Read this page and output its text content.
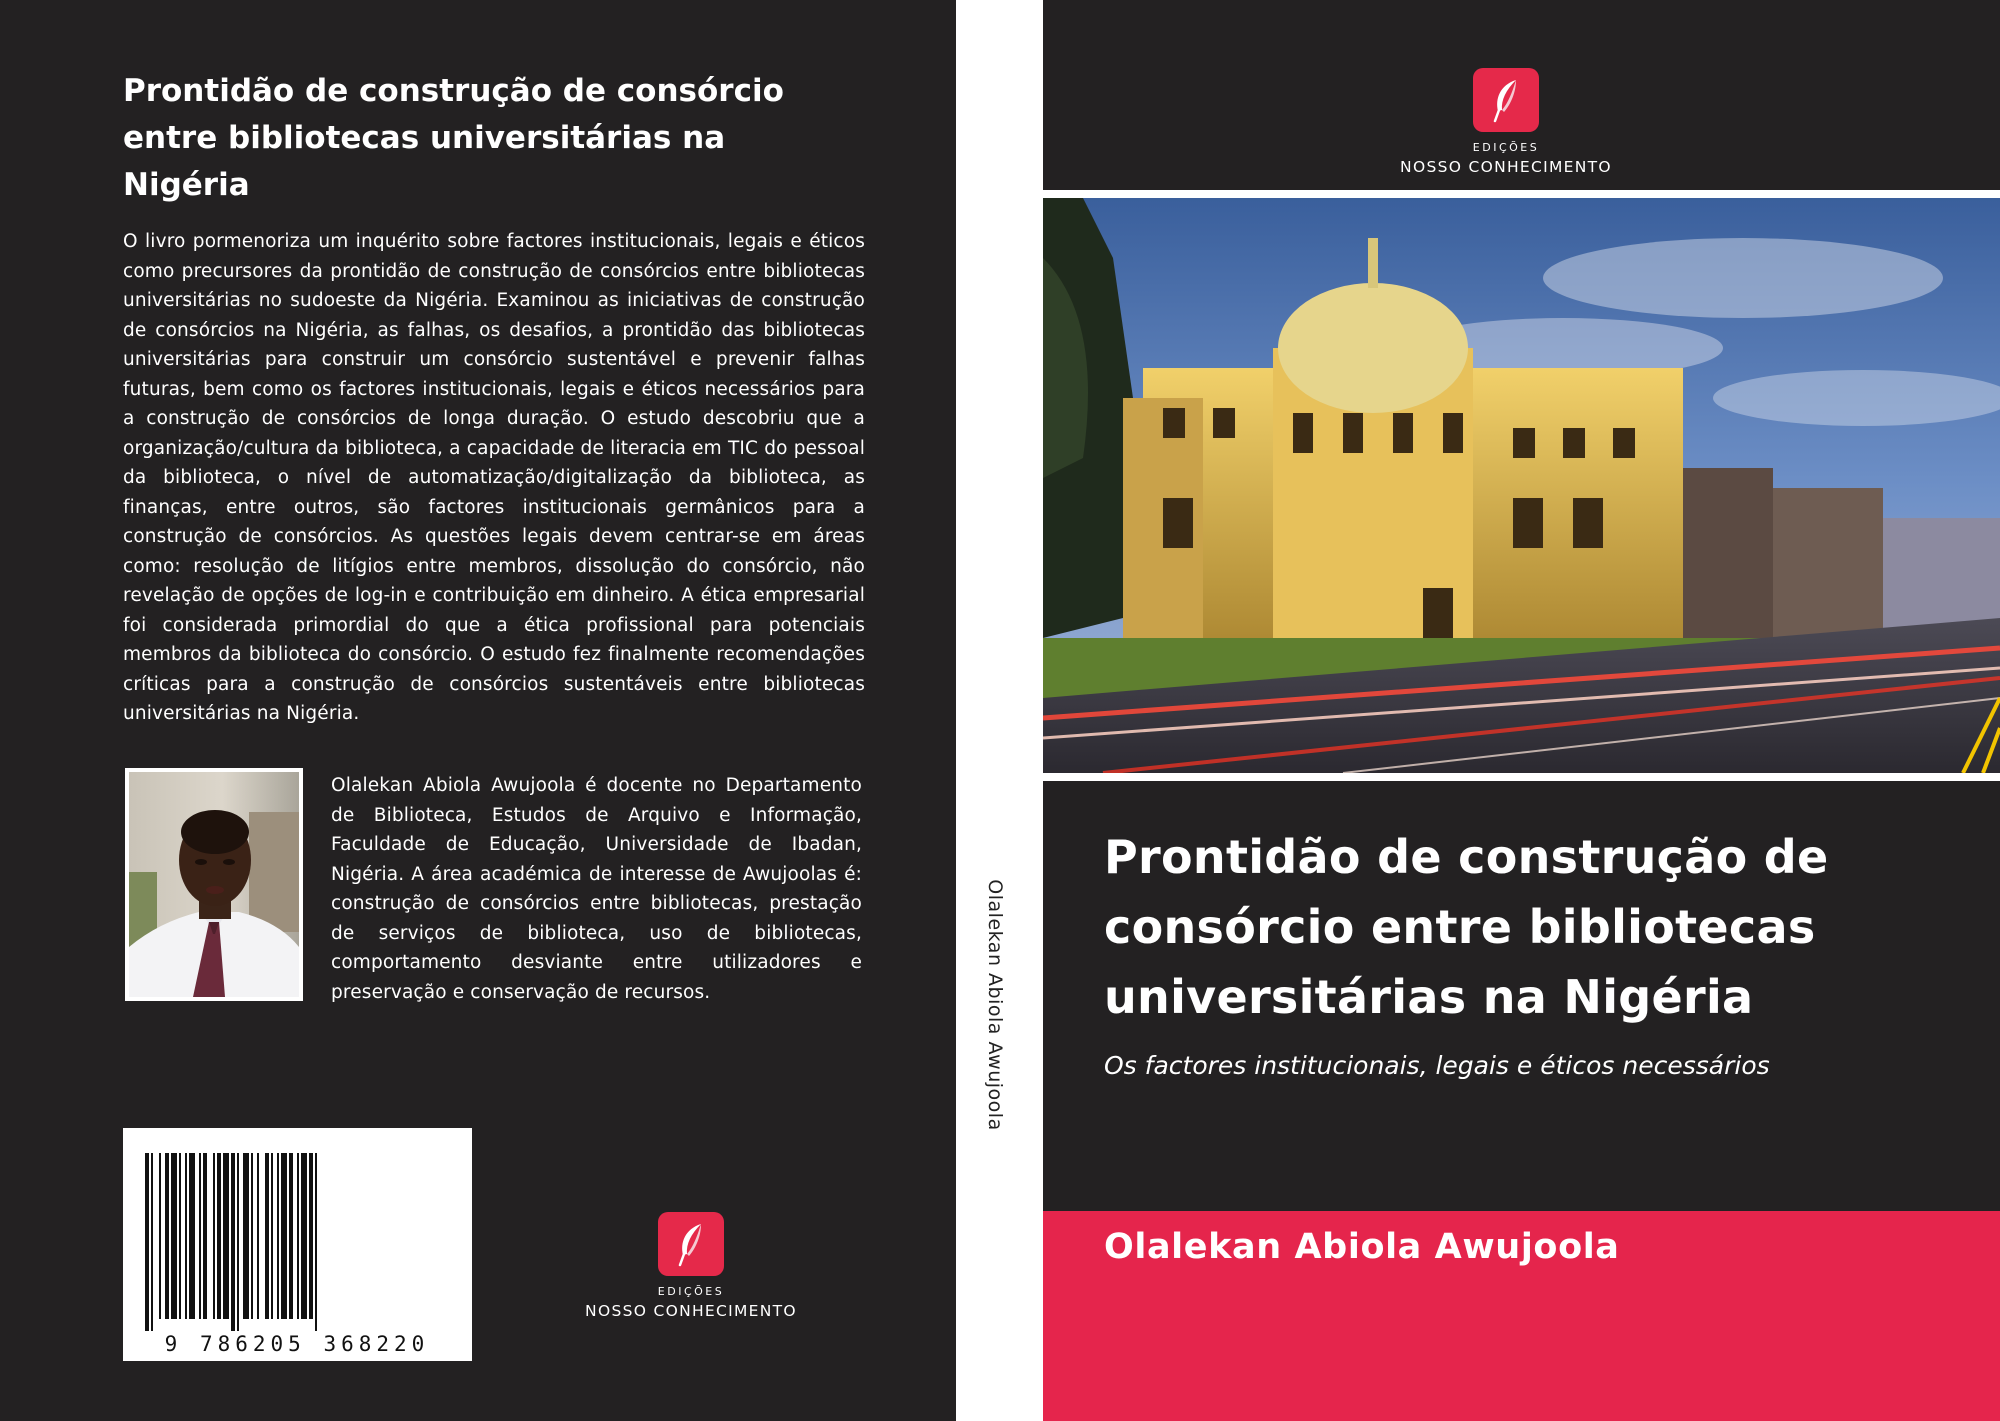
Prontidão de construção de consórcio entre bibliotecas universitárias na Nigéria

O livro pormenoriza um inquérito sobre factores institucionais, legais e éticos como precursores da prontidão de construção de consórcios entre bibliotecas universitárias no sudoeste da Nigéria. Examinou as iniciativas de construção de consórcios na Nigéria, as falhas, os desafios, a prontidão das bibliotecas universitárias para construir um consórcio sustentável e prevenir falhas futuras, bem como os factores institucionais, legais e éticos necessários para a construção de consórcios de longa duração. O estudo descobriu que a organização/cultura da biblioteca, a capacidade de literacia em TIC do pessoal da biblioteca, o nível de automatização/digitalização da biblioteca, as finanças, entre outros, são factores institucionais germânicos para a construção de consórcios. As questões legais devem centrar-se em áreas como: resolução de litígios entre membros, dissolução do consórcio, não revelação de opções de log-in e contribuição em dinheiro. A ética empresarial foi considerada primordial do que a ética profissional para potenciais membros da biblioteca do consórcio. O estudo fez finalmente recomendações críticas para a construção de consórcios sustentáveis entre bibliotecas universitárias na Nigéria.

Olalekan Abiola Awujoola é docente no Departamento de Biblioteca, Estudos de Arquivo e Informação, Faculdade de Educação, Universidade de Ibadan, Nigéria. A área académica de interesse de Awujoolas é: construção de consórcios entre bibliotecas, prestação de serviços de biblioteca, uso de bibliotecas, comportamento desviante entre utilizadores e preservação e conservação de recursos.

9 786205 368220
EDIÇÕES
NOSSO CONHECIMENTO
Olalekan Abiola Awujoola
EDIÇÕES
NOSSO CONHECIMENTO
Prontidão de construção de consórcio entre bibliotecas universitárias na Nigéria

Os factores institucionais, legais e éticos necessários

Olalekan Abiola Awujoola
